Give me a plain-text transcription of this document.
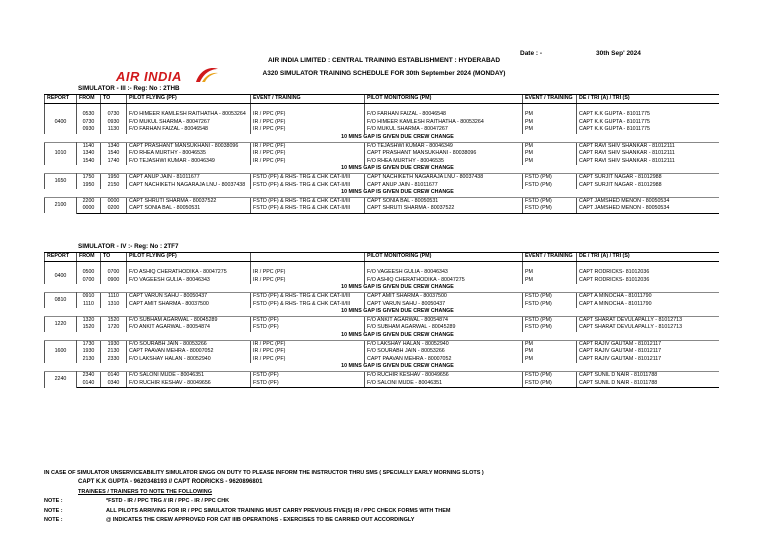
Date : -	30th Sep' 2024
AIR INDIA
AIR INDIA LIMITED : CENTRAL TRAINING ESTABLISHMENT : HYDERABAD
A320 SIMULATOR TRAINING SCHEDULE FOR 30th September 2024 (MONDAY)
SIMULATOR - III :- Reg: No : 2THB
REPORT	FROM	TO	PILOT FLYING (PF)	EVENT / TRAINING	PILOT MONITORING (PM)	EVENT / TRAINING	DE / TRI (A) / TRI (S)

0400	0530	0730	F/O HIMEER KAMLESH RAITHATHA - 80053264	IR / PPC (PF)	F/O FARHAN FAIZAL - 80046548	PM	CAPT K.K GUPTA - 81011775
	0730	0930	F/O MUKUL SHARMA - 80047267	IR / PPC (PF)	F/O HIMEER KAMLESH RAITHATHA - 80053264	PM	CAPT K.K GUPTA - 81011775
	0930	1130	F/O FARHAN FAIZAL - 80046548	IR / PPC (PF)	F/O MUKUL SHARMA - 80047267	PM	CAPT K.K GUPTA - 81011775
	10 MINS GAP IS GIVEN DUE CREW CHANGE						
1010	1140	1340	CAPT PRASHANT MANSUKHANI - 80038096	IR / PPC (PF)	F/O TEJASHWI KUMAR - 80046349	PM	CAPT RAVI SHIV SHANKAR - 81012111
	1340	1540	F/O RHEA MURTHY - 80046535	IR / PPC (PF)	CAPT PRASHANT MANSUKHANI - 80038096	PM	CAPT RAVI SHIV SHANKAR - 81012111
	1540	1740	F/O TEJASHWI KUMAR - 80046349	IR / PPC (PF)	F/O RHEA MURTHY - 80046535	PM	CAPT RAVI SHIV SHANKAR - 81012111
	10 MINS GAP IS GIVEN DUE CREW CHANGE						
1650	1750	1950	CAPT ANUP JAIN - 81011677	FSTD (PF) & RHS- TRG & CHK CAT-II/III	CAPT NACHIKETH NAGARAJA LNU - 80037438	FSTD (PM)	CAPT SURJIT NAGAR - 81012988
	1950	2150	CAPT NACHIKETH NAGARAJA LNU - 80037438	FSTD (PF) & RHS- TRG & CHK CAT-II/III	CAPT ANUP JAIN - 81011677	FSTD (PM)	CAPT SURJIT NAGAR - 81012988
	10 MINS GAP IS GIVEN DUE CREW CHANGE						
2100	2200	0000	CAPT SHRUTI SHARMA - 80037522	FSTD (PF) & RHS- TRG & CHK CAT-II/III	CAPT SONIA BAL - 80050531	FSTD (PM)	CAPT JAMSHED MENON - 80050534
	0000	0200	CAPT SONIA BAL - 80050531	FSTD (PF) & RHS- TRG & CHK CAT-II/III	CAPT SHRUTI SHARMA - 80037522	FSTD (PM)	CAPT JAMSHED MENON - 80050534
SIMULATOR - IV :- Reg: No : 2TF7
REPORT	FROM	TO	PILOT FLYING (PF)		PILOT MONITORING (PM)	EVENT / TRAINING	DE / TRI (A) / TRI (S)

0400	0500	0700	F/O ASHIQ CHERATHODIKA - 80047275	IR / PPC (PF)	F/O VAGEESH GULIA - 80046343	PM	CAPT RODRICKS- 81012036
	0700	0900	F/O VAGEESH GULIA - 80046343	IR / PPC (PF)	F/O ASHIQ CHERATHODIKA - 80047275	PM	CAPT RODRICKS- 81012036
	10 MINS GAP IS GIVEN DUE CREW CHANGE						
0810	0910	1110	CAPT VARUN SAHU - 80050437	FSTD (PF) & RHS- TRG & CHK CAT-II/III	CAPT AMIT SHARMA - 80037500	FSTD (PM)	CAPT A MINOCHA - 81011790
	1110	1310	CAPT AMIT SHARMA - 80037500	FSTD (PF) & RHS- TRG & CHK CAT-II/III	CAPT VARUN SAHU - 80050437	FSTD (PM)	CAPT A MINOCHA - 81011790
	10 MINS GAP IS GIVEN DUE CREW CHANGE						
1220	1320	1520	F/O SUBHAM AGARWAL - 80045289	FSTD (PF)	F/O ANKIT AGARWAL - 80054874	FSTD (PM)	CAPT SHARAT DEVULAPALLY - 81012713
	1520	1720	F/O ANKIT AGARWAL - 80054874	FSTD (PF)	F/O SUBHAM AGARWAL - 80045289	FSTD (PM)	CAPT SHARAT DEVULAPALLY - 81012713
	10 MINS GAP IS GIVEN DUE CREW CHANGE						
1600	1730	1930	F/O SOURABH JAIN - 80053266	IR / PPC (PF)	F/O LAKSHAY HALAN - 80052940	PM	CAPT RAJIV GAUTAM - 81012117
	1930	2130	CAPT PAAVAN MEHRA - 80007052	IR / PPC (PF)	F/O SOURABH JAIN - 80053266	PM	CAPT RAJIV GAUTAM - 81012117
	2130	2330	F/O LAKSHAY HALAN - 80052940	IR / PPC (PF)	CAPT PAAVAN MEHRA - 80007052	PM	CAPT RAJIV GAUTAM - 81012117
	10 MINS GAP IS GIVEN DUE CREW CHANGE						
2240	2340	0140	F/O SALONI MUDE - 80046351	FSTD (PF)	F/O RUCHIR KESHAV - 80049656	FSTD (PM)	CAPT SUNIL D NAIR - 81011788
	0140	0340	F/O RUCHIR KESHAV - 80049656	FSTD (PF)	F/O SALONI MUDE - 80046351	FSTD (PM)	CAPT SUNIL D NAIR - 81011788
IN CASE OF SIMULATOR UNSERVICEABILITY SIMULATOR ENGG ON DUTY TO PLEASE INFORM THE INSTRUCTOR THRU SMS ( SPECIALLY EARLY MORNING SLOTS )
CAPT K.K GUPTA - 9620348193 // CAPT RODRICKS - 9620896801
TRAINEES / TRAINERS TO NOTE THE FOLLOWING
NOTE :	*FSTD - IR / PPC TRG // IR / PPC - IR / PPC CHK
NOTE :	ALL PILOTS ARRIVING FOR IR / PPC SIMULATOR TRAINING MUST CARRY PREVIOUS FIVE(5) IR / PPC CHECK FORMS WITH THEM
NOTE :	@ INDICATES THE CREW APPROVED FOR CAT IIIB OPERATIONS - EXERCISES TO BE CARRIED OUT ACCORDINGLY
